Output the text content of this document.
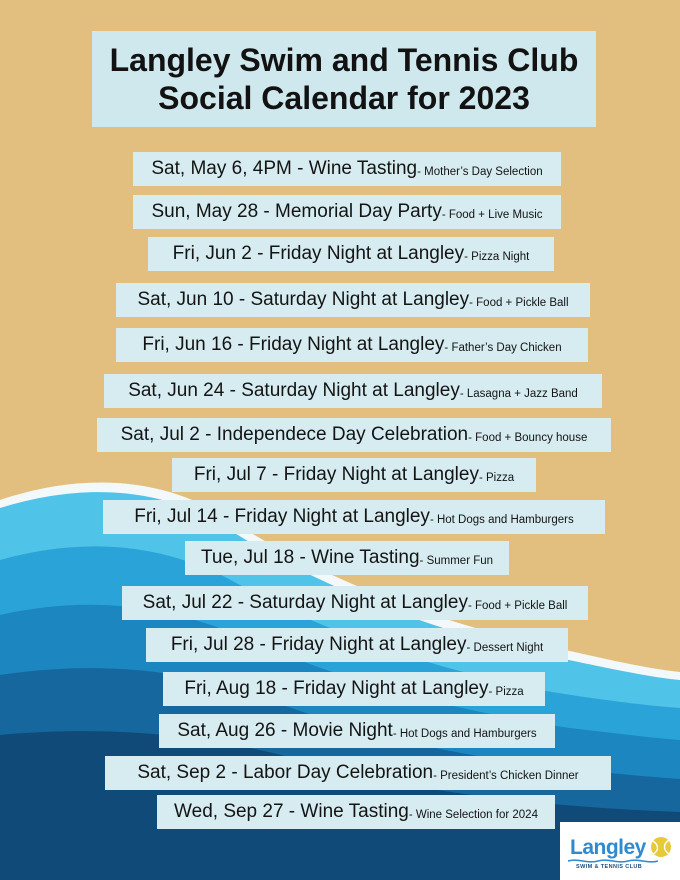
Langley Swim and Tennis Club
Social Calendar for 2023
Sat, May 6, 4PM - Wine Tasting - Mother’s Day Selection
Sun, May 28 - Memorial Day Party - Food + Live Music
Fri, Jun 2 - Friday Night at Langley - Pizza Night
Sat, Jun 10 - Saturday Night at Langley - Food + Pickle Ball
Fri, Jun 16 - Friday Night at Langley - Father’s Day Chicken
Sat, Jun 24 - Saturday Night at Langley - Lasagna + Jazz Band
Sat, Jul 2 - Independece Day Celebration - Food + Bouncy house
Fri, Jul 7 - Friday Night at Langley - Pizza
Fri, Jul 14 - Friday Night at Langley - Hot Dogs and Hamburgers
Tue, Jul 18 - Wine Tasting - Summer Fun
Sat, Jul 22 - Saturday Night at Langley - Food + Pickle Ball
Fri, Jul 28 - Friday Night at Langley - Dessert Night
Fri, Aug 18 - Friday Night at Langley - Pizza
Sat, Aug 26 - Movie Night - Hot Dogs and Hamburgers
Sat, Sep 2 - Labor Day Celebration - President’s Chicken Dinner
Wed, Sep 27 - Wine Tasting - Wine Selection for 2024
Langley
SWIM & TENNIS CLUB
